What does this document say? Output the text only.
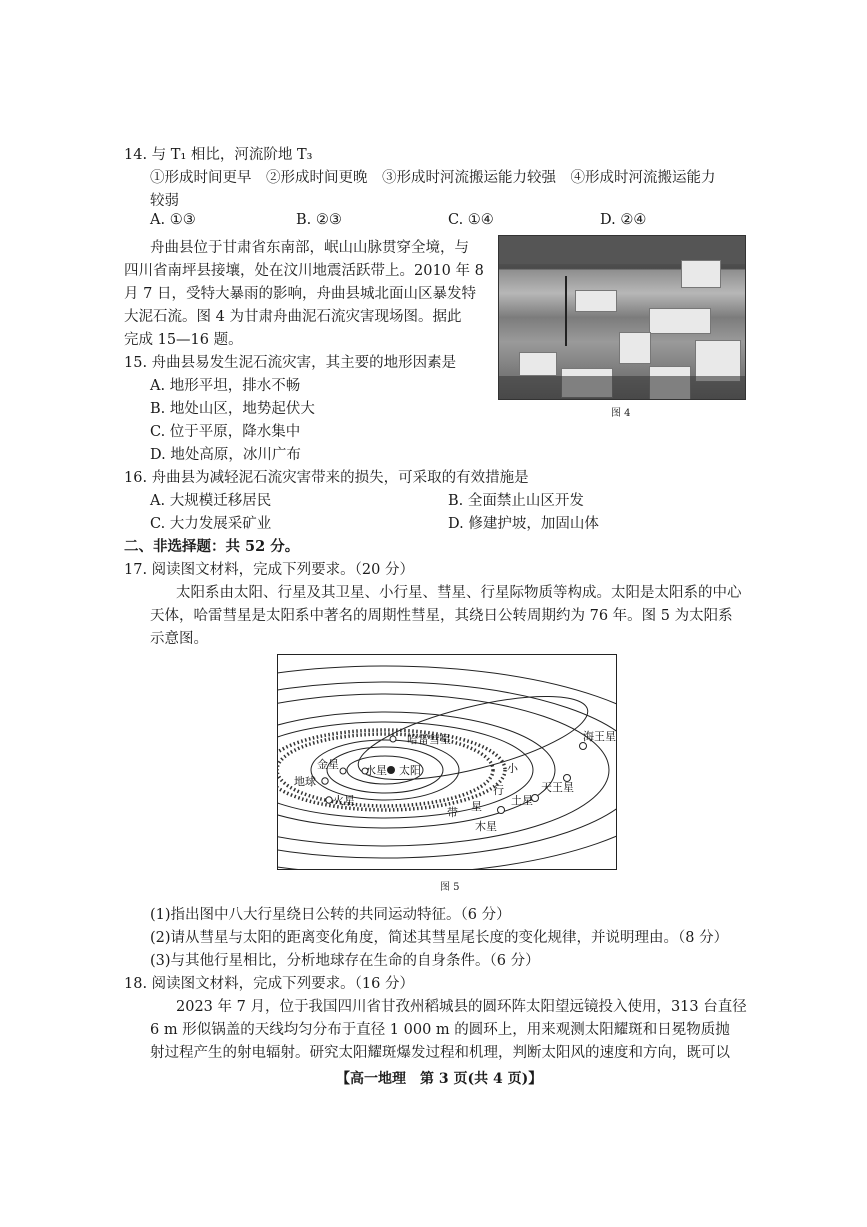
14. 与 T₁ 相比，河流阶地 T₃
①形成时间更早　②形成时间更晚　③形成时河流搬运能力较强　④形成时河流搬运能力
较弱
A. ①③	B. ②③	C. ①④	D. ②④
舟曲县位于甘肃省东南部，岷山山脉贯穿全境，与
四川省南坪县接壤，处在汶川地震活跃带上。2010 年 8
月 7 日，受特大暴雨的影响，舟曲县城北面山区暴发特
大泥石流。图 4 为甘肃舟曲泥石流灾害现场图。据此
完成 15—16 题。
图 4
15. 舟曲县易发生泥石流灾害，其主要的地形因素是
A. 地形平坦，排水不畅
B. 地处山区，地势起伏大
C. 位于平原，降水集中
D. 地处高原，冰川广布
16. 舟曲县为减轻泥石流灾害带来的损失，可采取的有效措施是
A. 大规模迁移居民	B. 全面禁止山区开发
C. 大力发展采矿业	D. 修建护坡，加固山体
二、非选择题：共 52 分。
17. 阅读图文材料，完成下列要求。（20 分）
太阳系由太阳、行星及其卫星、小行星、彗星、行星际物质等构成。太阳是太阳系的中心
天体，哈雷彗星是太阳系中著名的周期性彗星，其绕日公转周期约为 76 年。图 5 为太阳系
示意图。
哈雷彗星
金星 水星 太阳
地球
火星
海王星
天王星
土星
木星
小
行
星
带
图 5
(1)指出图中八大行星绕日公转的共同运动特征。（6 分）
(2)请从彗星与太阳的距离变化角度，简述其彗星尾长度的变化规律，并说明理由。（8 分）
(3)与其他行星相比，分析地球存在生命的自身条件。（6 分）
18. 阅读图文材料，完成下列要求。（16 分）
2023 年 7 月，位于我国四川省甘孜州稻城县的圆环阵太阳望远镜投入使用，313 台直径
6 m 形似锅盖的天线均匀分布于直径 1 000 m 的圆环上，用来观测太阳耀斑和日冕物质抛
射过程产生的射电辐射。研究太阳耀斑爆发过程和机理，判断太阳风的速度和方向，既可以
【高一地理　第 3 页(共 4 页)】
